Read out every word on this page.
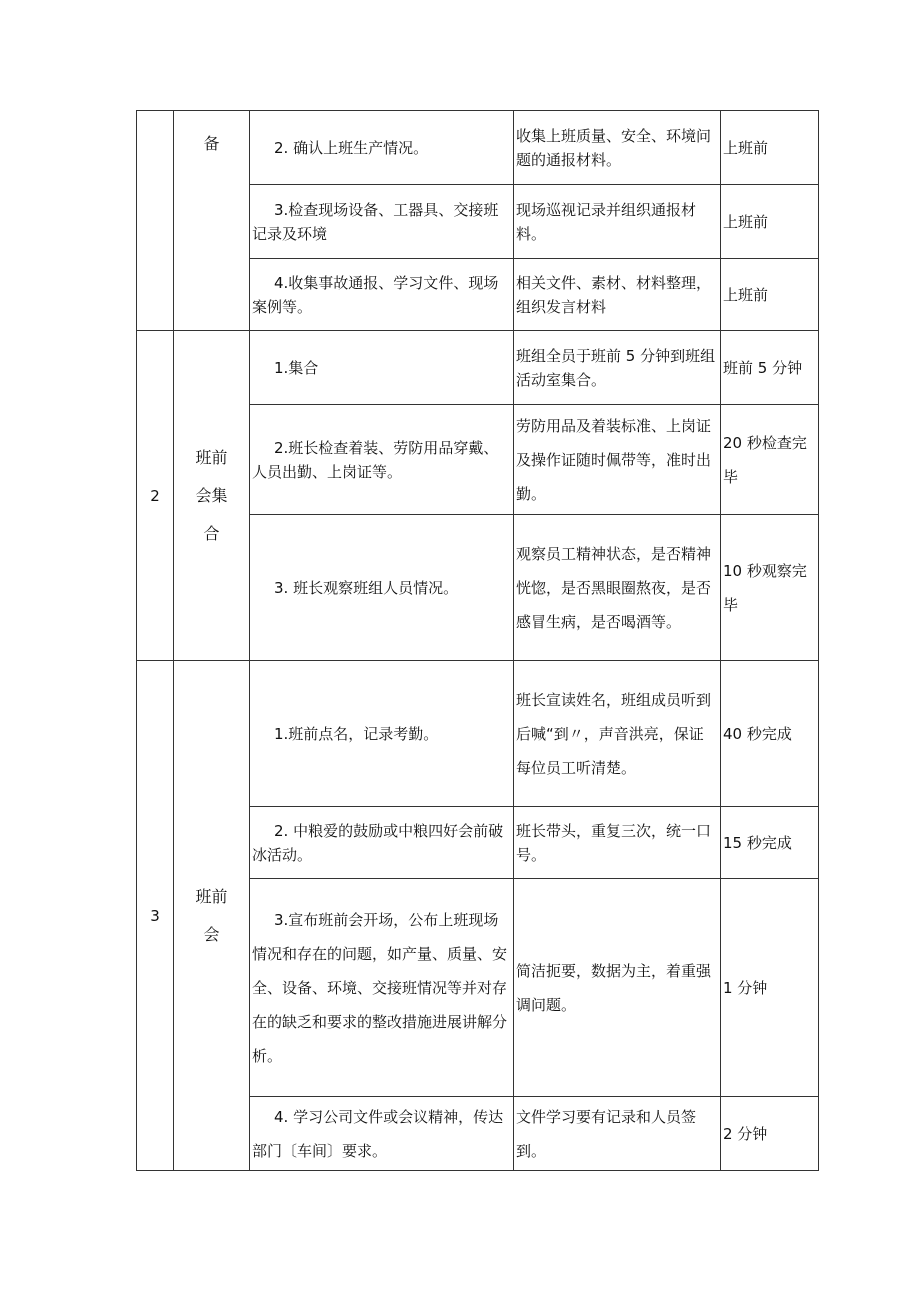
	备	2. 确认上班生产情况。	收集上班质量、安全、环境问题的通报材料。	上班前

		3.检查现场设备、工器具、交接班记录及环境	现场巡视记录并组织通报材料。	上班前

		4.收集事故通报、学习文件、现场案例等。	相关文件、素材、材料整理，组织发言材料	上班前
2	班前会集合	1.集合	班组全员于班前 5 分钟到班组活动室集合。	班前 5 分钟

		2.班长检查着装、劳防用品穿戴、人员出勤、上岗证等。	劳防用品及着装标准、上岗证及操作证随时佩带等，准时出勤。	20 秒检查完毕

		3. 班长观察班组人员情况。	观察员工精神状态，是否精神恍惚，是否黑眼圈熬夜，是否感冒生病，是否喝酒等。	10 秒观察完毕
3	班前会	1.班前点名，记录考勤。	班长宣读姓名，班组成员听到后喊“到〃，声音洪亮，保证每位员工听清楚。	40 秒完成

		2. 中粮爱的鼓励或中粮四好会前破冰活动。	班长带头，重复三次，统一口号。	15 秒完成

		3.宣布班前会开场，公布上班现场情况和存在的问题，如产量、质量、安全、设备、环境、交接班情况等并对存在的缺乏和要求的整改措施进展讲解分析。	简洁扼要，数据为主，着重强调问题。	1 分钟

		4. 学习公司文件或会议精神，传达部门〔车间〕要求。	文件学习要有记录和人员签到。	2 分钟
